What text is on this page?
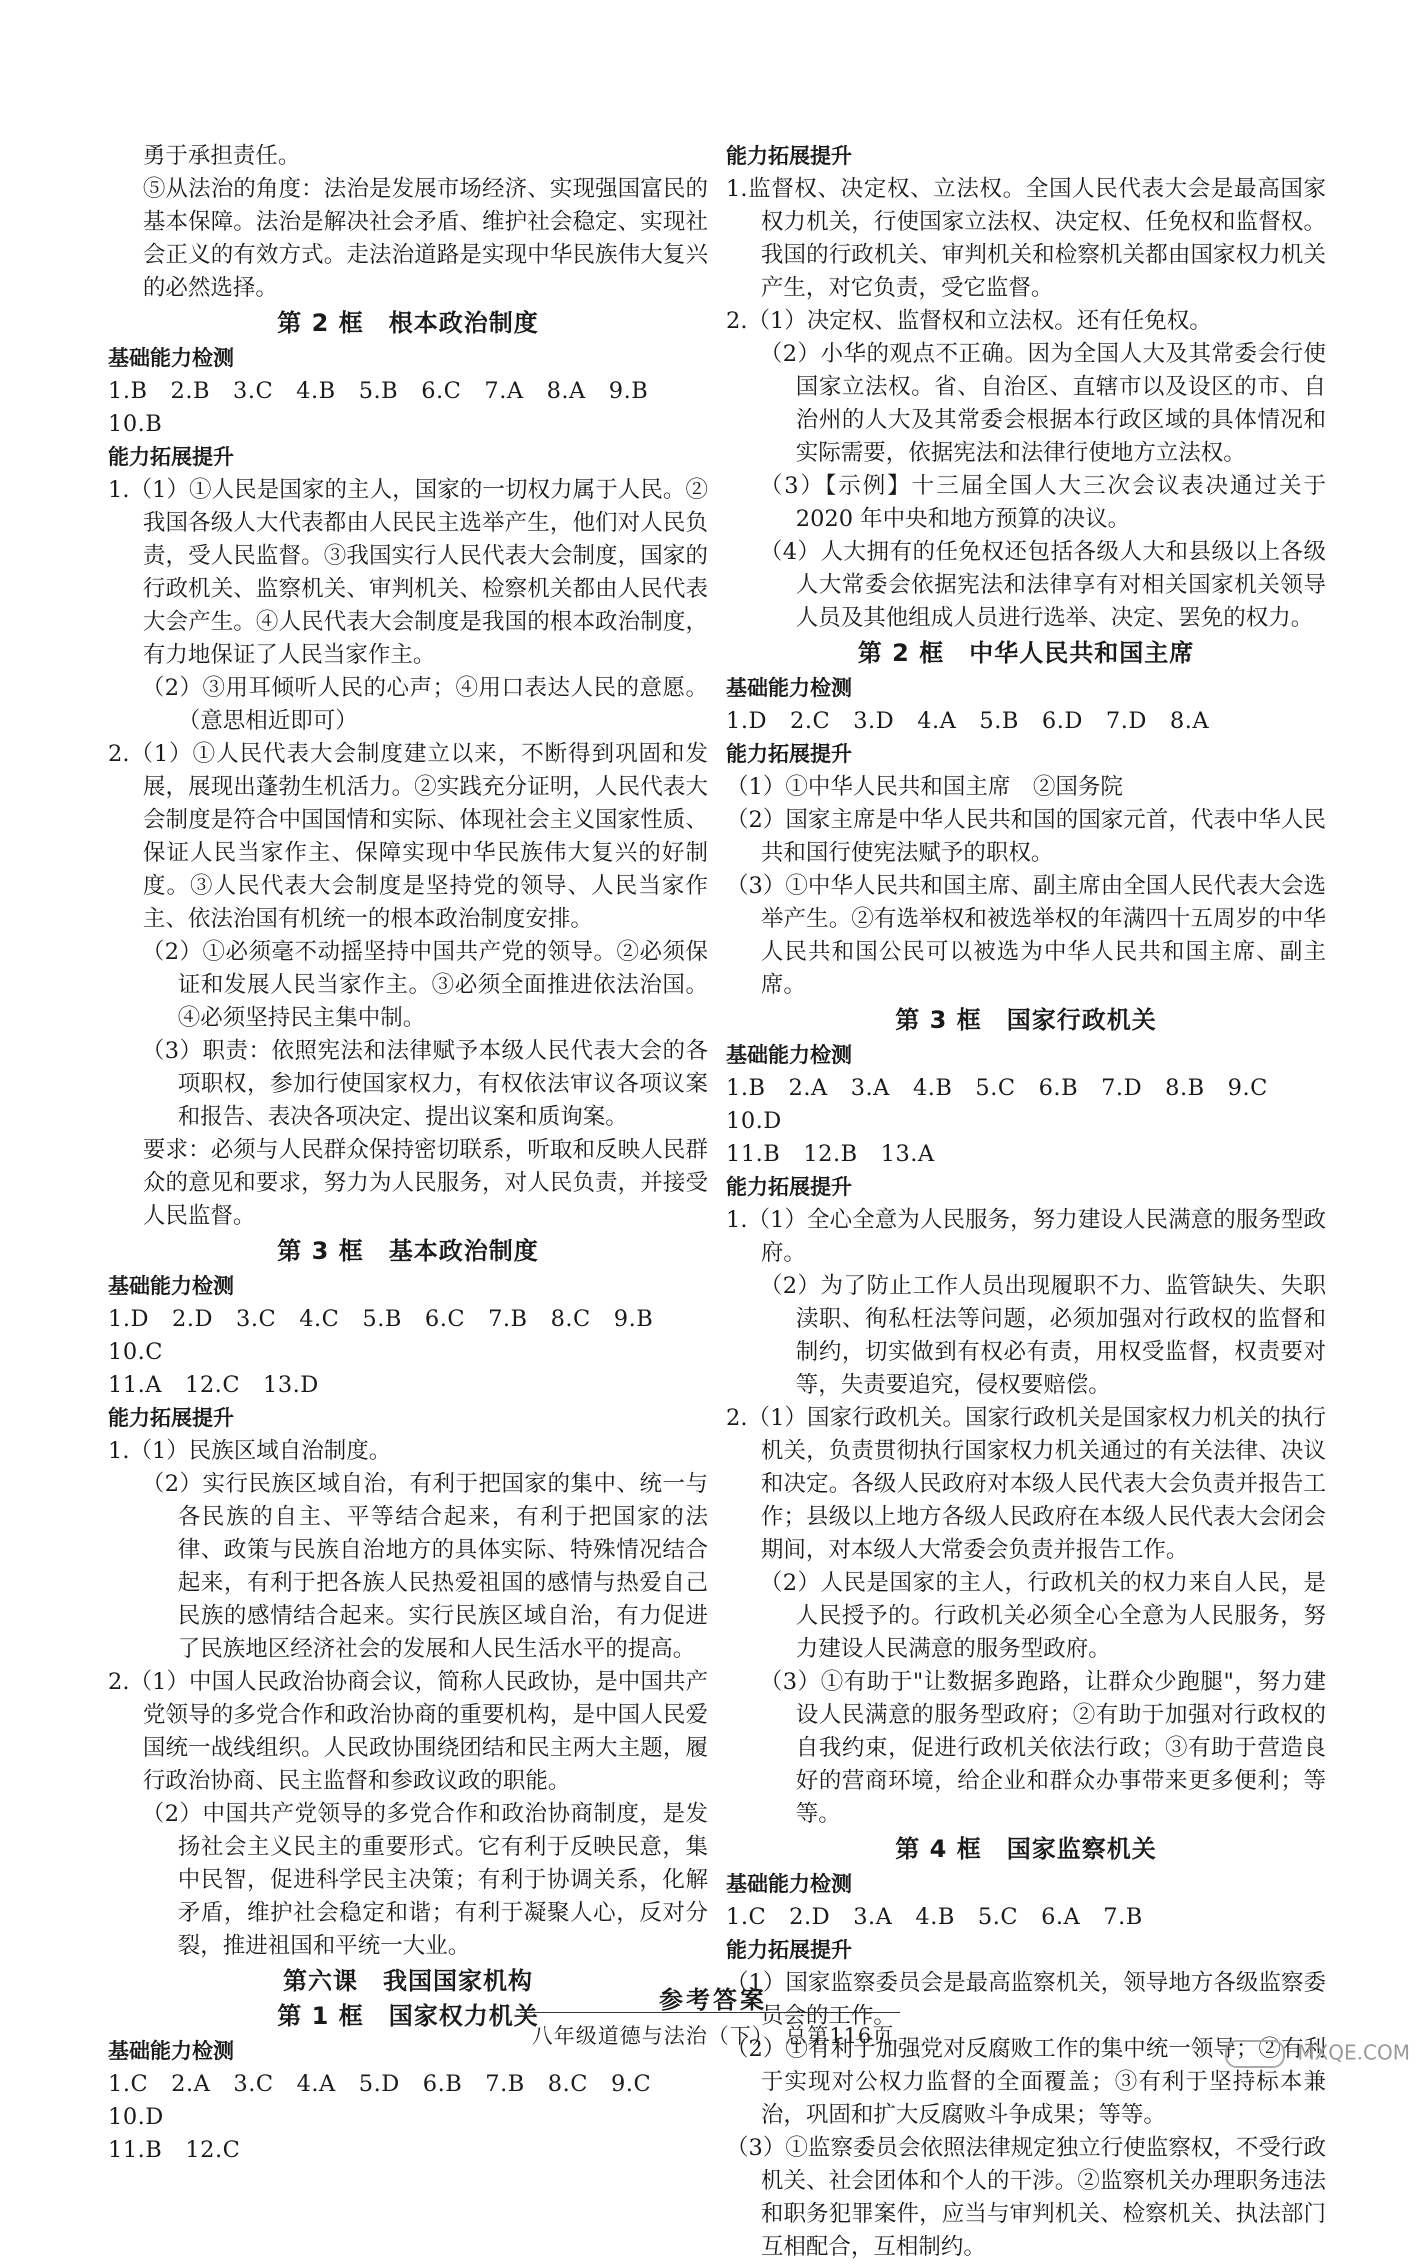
勇于承担责任。
⑤从法治的角度：法治是发展市场经济、实现强国富民的基本保障。法治是解决社会矛盾、维护社会稳定、实现社会正义的有效方式。走法治道路是实现中华民族伟大复兴的必然选择。
第 2 框　根本政治制度
基础能力检测
1.B　2.B　3.C　4.B　5.B　6.C　7.A　8.A　9.B　10.B
能力拓展提升
1.（1）①人民是国家的主人，国家的一切权力属于人民。②我国各级人大代表都由人民民主选举产生，他们对人民负责，受人民监督。③我国实行人民代表大会制度，国家的行政机关、监察机关、审判机关、检察机关都由人民代表大会产生。④人民代表大会制度是我国的根本政治制度，有力地保证了人民当家作主。
（2）③用耳倾听人民的心声；④用口表达人民的意愿。（意思相近即可）
2.（1）①人民代表大会制度建立以来，不断得到巩固和发展，展现出蓬勃生机活力。②实践充分证明，人民代表大会制度是符合中国国情和实际、体现社会主义国家性质、保证人民当家作主、保障实现中华民族伟大复兴的好制度。③人民代表大会制度是坚持党的领导、人民当家作主、依法治国有机统一的根本政治制度安排。
（2）①必须毫不动摇坚持中国共产党的领导。②必须保证和发展人民当家作主。③必须全面推进依法治国。④必须坚持民主集中制。
（3）职责：依照宪法和法律赋予本级人民代表大会的各项职权，参加行使国家权力，有权依法审议各项议案和报告、表决各项决定、提出议案和质询案。
要求：必须与人民群众保持密切联系，听取和反映人民群众的意见和要求，努力为人民服务，对人民负责，并接受人民监督。
第 3 框　基本政治制度
基础能力检测
1.D　2.D　3.C　4.C　5.B　6.C　7.B　8.C　9.B　10.C
11.A　12.C　13.D
能力拓展提升
1.（1）民族区域自治制度。
（2）实行民族区域自治，有利于把国家的集中、统一与各民族的自主、平等结合起来，有利于把国家的法律、政策与民族自治地方的具体实际、特殊情况结合起来，有利于把各族人民热爱祖国的感情与热爱自己民族的感情结合起来。实行民族区域自治，有力促进了民族地区经济社会的发展和人民生活水平的提高。
2.（1）中国人民政治协商会议，简称人民政协，是中国共产党领导的多党合作和政治协商的重要机构，是中国人民爱国统一战线组织。人民政协围绕团结和民主两大主题，履行政治协商、民主监督和参政议政的职能。
（2）中国共产党领导的多党合作和政治协商制度，是发扬社会主义民主的重要形式。它有利于反映民意，集中民智，促进科学民主决策；有利于协调关系，化解矛盾，维护社会稳定和谐；有利于凝聚人心，反对分裂，推进祖国和平统一大业。
第六课　我国国家机构
第 1 框　国家权力机关
基础能力检测
1.C　2.A　3.C　4.A　5.D　6.B　7.B　8.C　9.C　10.D
11.B　12.C
能力拓展提升
1.监督权、决定权、立法权。全国人民代表大会是最高国家权力机关，行使国家立法权、决定权、任免权和监督权。我国的行政机关、审判机关和检察机关都由国家权力机关产生，对它负责，受它监督。
2.（1）决定权、监督权和立法权。还有任免权。
（2）小华的观点不正确。因为全国人大及其常委会行使国家立法权。省、自治区、直辖市以及设区的市、自治州的人大及其常委会根据本行政区域的具体情况和实际需要，依据宪法和法律行使地方立法权。
（3）【示例】十三届全国人大三次会议表决通过关于 2020 年中央和地方预算的决议。
（4）人大拥有的任免权还包括各级人大和县级以上各级人大常委会依据宪法和法律享有对相关国家机关领导人员及其他组成人员进行选举、决定、罢免的权力。
第 2 框　中华人民共和国主席
基础能力检测
1.D　2.C　3.D　4.A　5.B　6.D　7.D　8.A
能力拓展提升
（1）①中华人民共和国主席　②国务院
（2）国家主席是中华人民共和国的国家元首，代表中华人民共和国行使宪法赋予的职权。
（3）①中华人民共和国主席、副主席由全国人民代表大会选举产生。②有选举权和被选举权的年满四十五周岁的中华人民共和国公民可以被选为中华人民共和国主席、副主席。
第 3 框　国家行政机关
基础能力检测
1.B　2.A　3.A　4.B　5.C　6.B　7.D　8.B　9.C　10.D
11.B　12.B　13.A
能力拓展提升
1.（1）全心全意为人民服务，努力建设人民满意的服务型政府。
（2）为了防止工作人员出现履职不力、监管缺失、失职渎职、徇私枉法等问题，必须加强对行政权的监督和制约，切实做到有权必有责，用权受监督，权责要对等，失责要追究，侵权要赔偿。
2.（1）国家行政机关。国家行政机关是国家权力机关的执行机关，负责贯彻执行国家权力机关通过的有关法律、决议和决定。各级人民政府对本级人民代表大会负责并报告工作；县级以上地方各级人民政府在本级人民代表大会闭会期间，对本级人大常委会负责并报告工作。
（2）人民是国家的主人，行政机关的权力来自人民，是人民授予的。行政机关必须全心全意为人民服务，努力建设人民满意的服务型政府。
（3）①有助于"让数据多跑路，让群众少跑腿"，努力建设人民满意的服务型政府；②有助于加强对行政权的自我约束，促进行政机关依法行政；③有助于营造良好的营商环境，给企业和群众办事带来更多便利；等等。
第 4 框　国家监察机关
基础能力检测
1.C　2.D　3.A　4.B　5.C　6.A　7.B
能力拓展提升
（1）国家监察委员会是最高监察机关，领导地方各级监察委员会的工作。
（2）①有利于加强党对反腐败工作的集中统一领导；②有利于实现对公权力监督的全面覆盖；③有利于坚持标本兼治，巩固和扩大反腐败斗争成果；等等。
（3）①监察委员会依照法律规定独立行使监察权，不受行政机关、社会团体和个人的干涉。②监察机关办理职务违法和职务犯罪案件，应当与审判机关、检察机关、执法部门互相配合，互相制约。
参考答案
八年级道德与法治（下）　总第116页
MXQE.COM
